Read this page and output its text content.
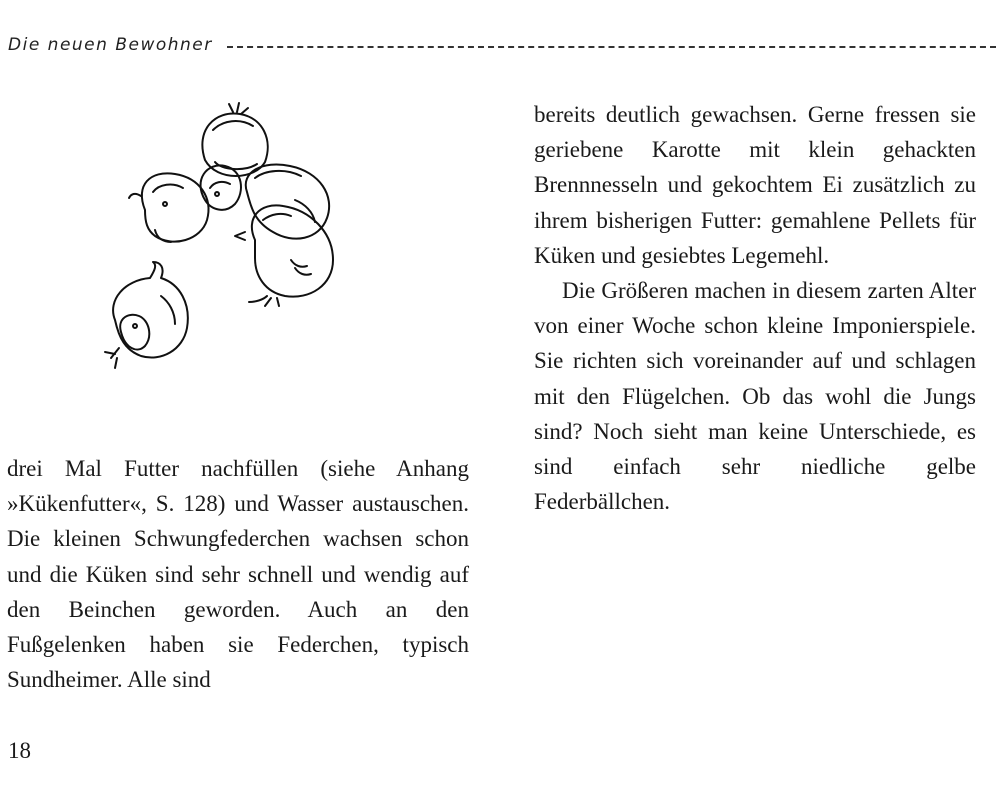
Die neuen Bewohner

drei Mal Futter nachfüllen (siehe Anhang »Kükenfutter«, S. 128) und Wasser austauschen. Die kleinen Schwungfederchen wachsen schon und die Küken sind sehr schnell und wendig auf den Beinchen geworden. Auch an den Fußgelenken haben sie Federchen, typisch Sundheimer. Alle sind

bereits deutlich gewachsen. Gerne fressen sie geriebene Karotte mit klein gehackten Brennnesseln und gekochtem Ei zusätzlich zu ihrem bisherigen Futter: gemahlene Pellets für Küken und gesiebtes Legemehl.

Die Größeren machen in diesem zarten Alter von einer Woche schon kleine Imponierspiele. Sie richten sich voreinander auf und schlagen mit den Flügelchen. Ob das wohl die Jungs sind? Noch sieht man keine Unterschiede, es sind einfach sehr niedliche gelbe Federbällchen.

18
